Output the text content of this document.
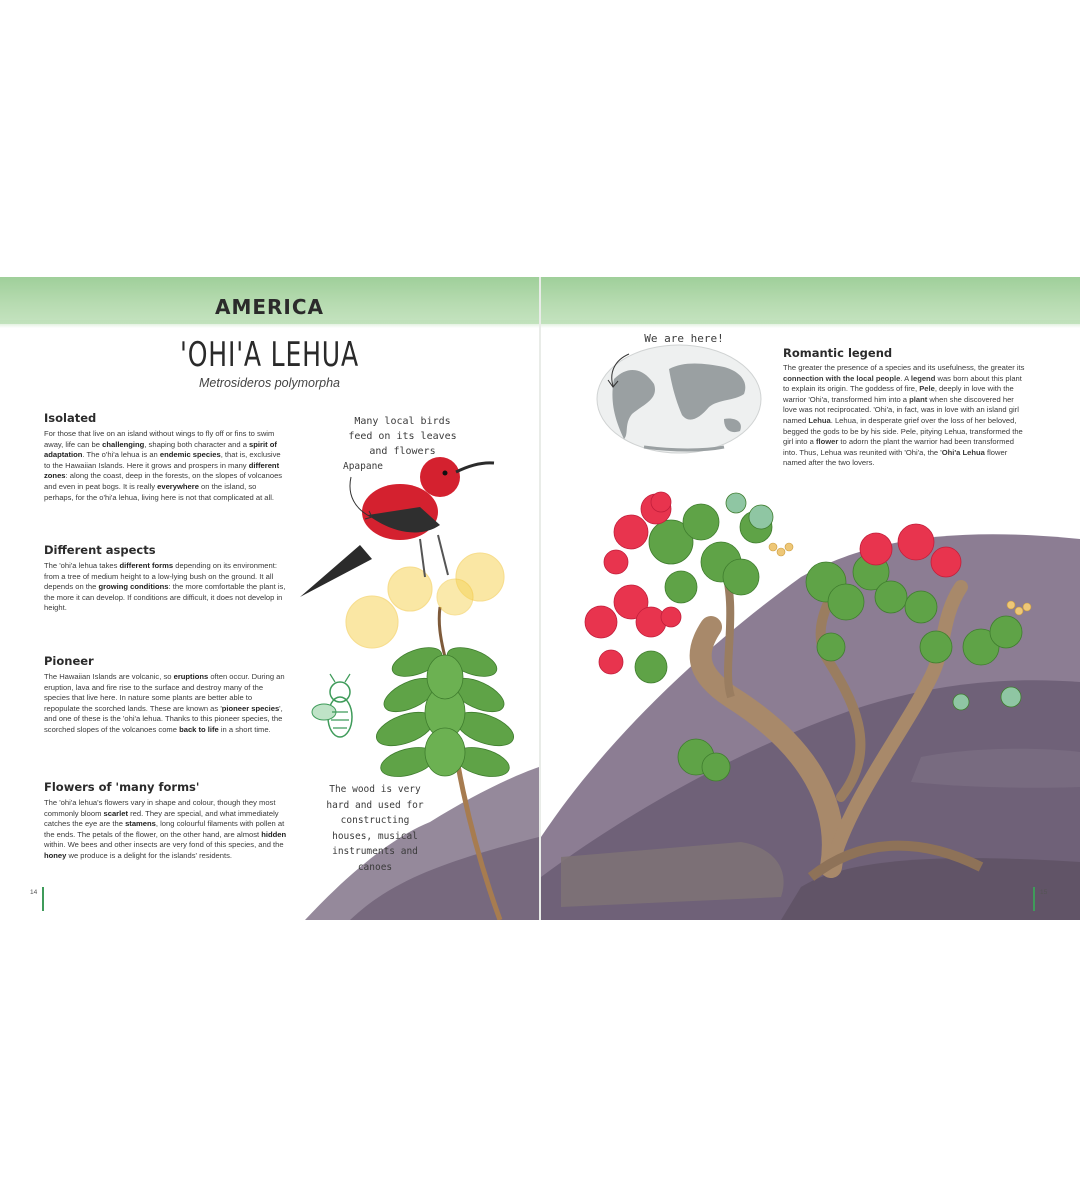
AMERICA
'OHI'A LEHUA
Metrosideros polymorpha
Many local birds feed on its leaves and flowers
Apapane
The wood is very hard and used for constructing houses, musical instruments and canoes
Isolated

For those that live on an island without wings to fly off or fins to swim away, life can be challenging, shaping both character and a spirit of adaptation. The o'hi'a lehua is an endemic species, that is, exclusive to the Hawaiian Islands. Here it grows and prospers in many different zones: along the coast, deep in the forests, on the slopes of volcanoes and even in peat bogs. It is really everywhere on the island, so perhaps, for the o'hi'a lehua, living here is not that complicated at all.

Different aspects

The 'ohi'a lehua takes different forms depending on its environment: from a tree of medium height to a low-lying bush on the ground. It all depends on the growing conditions: the more comfortable the plant is, the more it can develop. If conditions are difficult, it does not develop in height.

Pioneer

The Hawaiian Islands are volcanic, so eruptions often occur. During an eruption, lava and fire rise to the surface and destroy many of the species that live here. In nature some plants are better able to repopulate the scorched lands. These are known as 'pioneer species', and one of these is the 'ohi'a lehua. Thanks to this pioneer species, the scorched slopes of the volcanoes come back to life in a short time.

Flowers of 'many forms'

The 'ohi'a lehua's flowers vary in shape and colour, though they most commonly bloom scarlet red. They are special, and what immediately catches the eye are the stamens, long colourful filaments with pollen at the ends. The petals of the flower, on the other hand, are almost hidden within. We bees and other insects are very fond of this species, and the honey we produce is a delight for the islands' residents.

14
We are here!
Romantic legend

The greater the presence of a species and its usefulness, the greater its connection with the local people. A legend was born about this plant to explain its origin. The goddess of fire, Pele, deeply in love with the warrior 'Ohi'a, transformed him into a plant when she discovered her love was not reciprocated. 'Ohi'a, in fact, was in love with an island girl named Lehua. Lehua, in desperate grief over the loss of her beloved, begged the gods to be by his side. Pele, pitying Lehua, transformed the girl into a flower to adorn the plant the warrior had been transformed into. Thus, Lehua was reunited with 'Ohi'a, the 'Ohi'a Lehua flower named after the two lovers.

15
